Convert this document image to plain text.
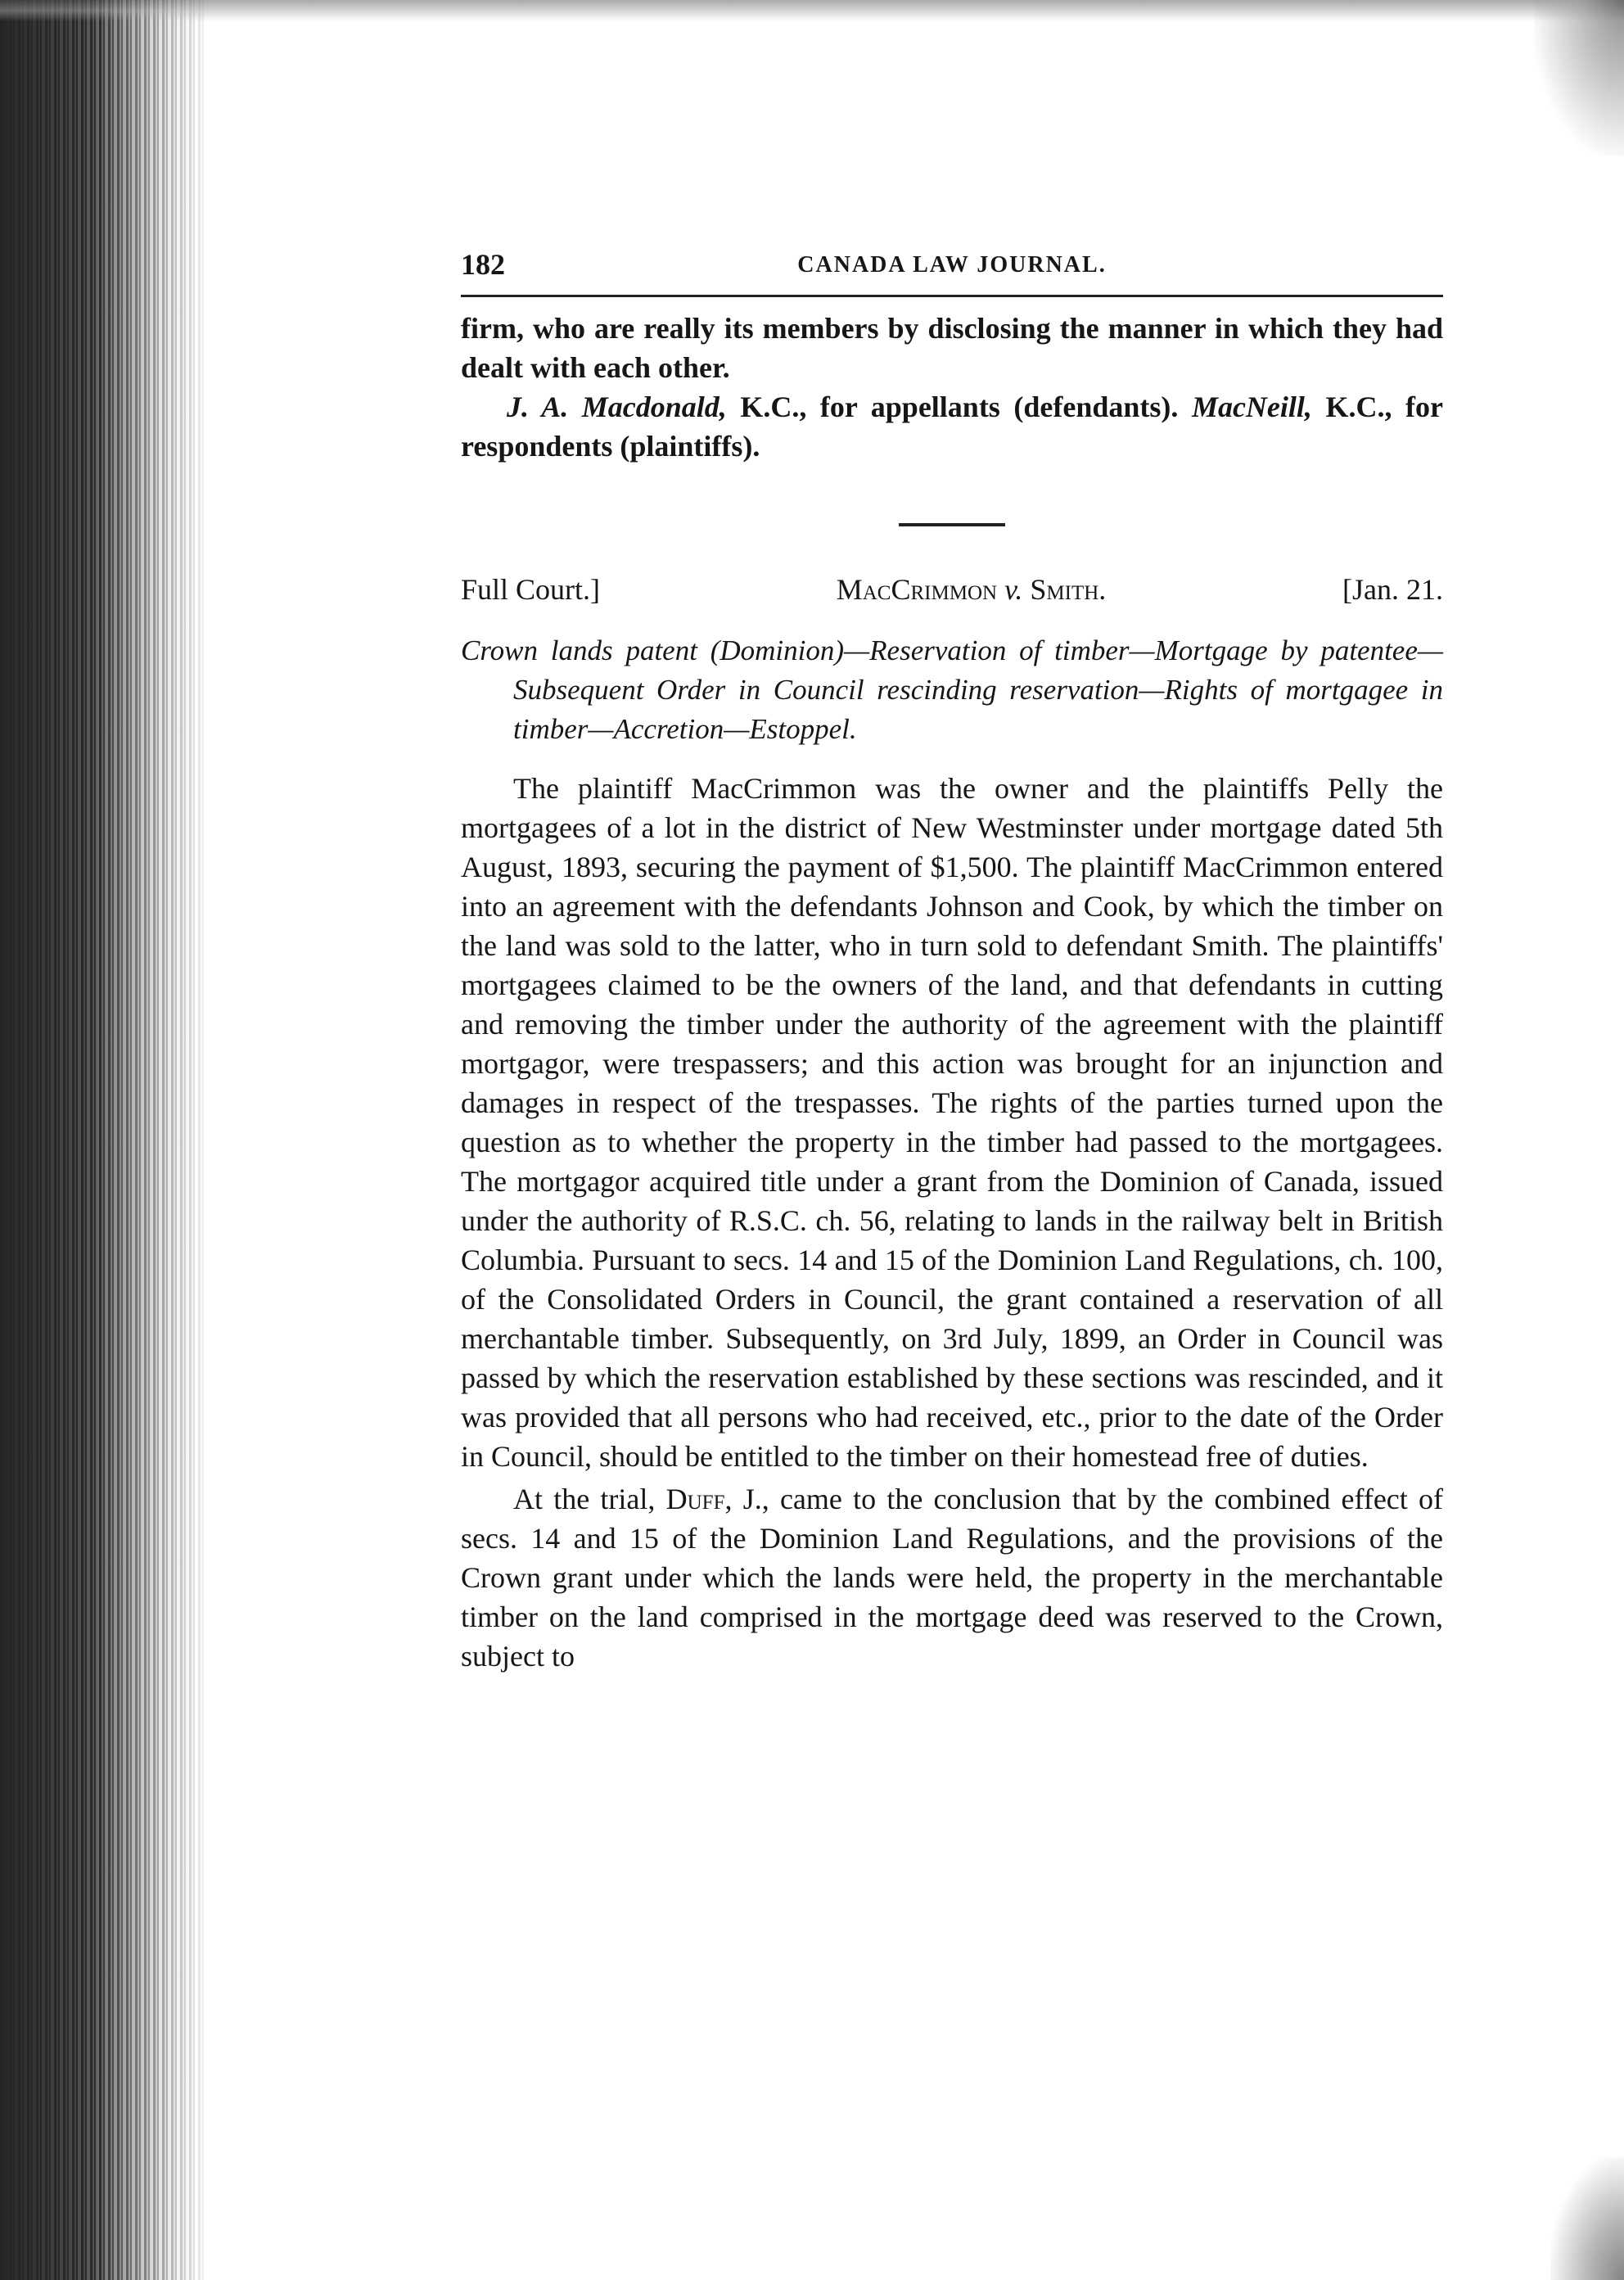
182	CANADA LAW JOURNAL.

firm, who are really its members by disclosing the manner in which they had dealt with each other.

J. A. Macdonald, K.C., for appellants (defendants). MacNeill, K.C., for respondents (plaintiffs).

Full Court.]	MacCrimmon v. Smith.	[Jan. 21.
Crown lands patent (Dominion)—Reservation of timber—Mortgage by patentee—Subsequent Order in Council rescinding reservation—Rights of mortgagee in timber—Accretion—Estoppel.

The plaintiff MacCrimmon was the owner and the plaintiffs Pelly the mortgagees of a lot in the district of New Westminster under mortgage dated 5th August, 1893, securing the payment of $1,500. The plaintiff MacCrimmon entered into an agreement with the defendants Johnson and Cook, by which the timber on the land was sold to the latter, who in turn sold to defendant Smith. The plaintiffs' mortgagees claimed to be the owners of the land, and that defendants in cutting and removing the timber under the authority of the agreement with the plaintiff mortgagor, were trespassers; and this action was brought for an injunction and damages in respect of the trespasses. The rights of the parties turned upon the question as to whether the property in the timber had passed to the mortgagees. The mortgagor acquired title under a grant from the Dominion of Canada, issued under the authority of R.S.C. ch. 56, relating to lands in the railway belt in British Columbia. Pursuant to secs. 14 and 15 of the Dominion Land Regulations, ch. 100, of the Consolidated Orders in Council, the grant contained a reservation of all merchantable timber. Subsequently, on 3rd July, 1899, an Order in Council was passed by which the reservation established by these sections was rescinded, and it was provided that all persons who had received, etc., prior to the date of the Order in Council, should be entitled to the timber on their homestead free of duties.

At the trial, Duff, J., came to the conclusion that by the combined effect of secs. 14 and 15 of the Dominion Land Regulations, and the provisions of the Crown grant under which the lands were held, the property in the merchantable timber on the land comprised in the mortgage deed was reserved to the Crown, subject to
